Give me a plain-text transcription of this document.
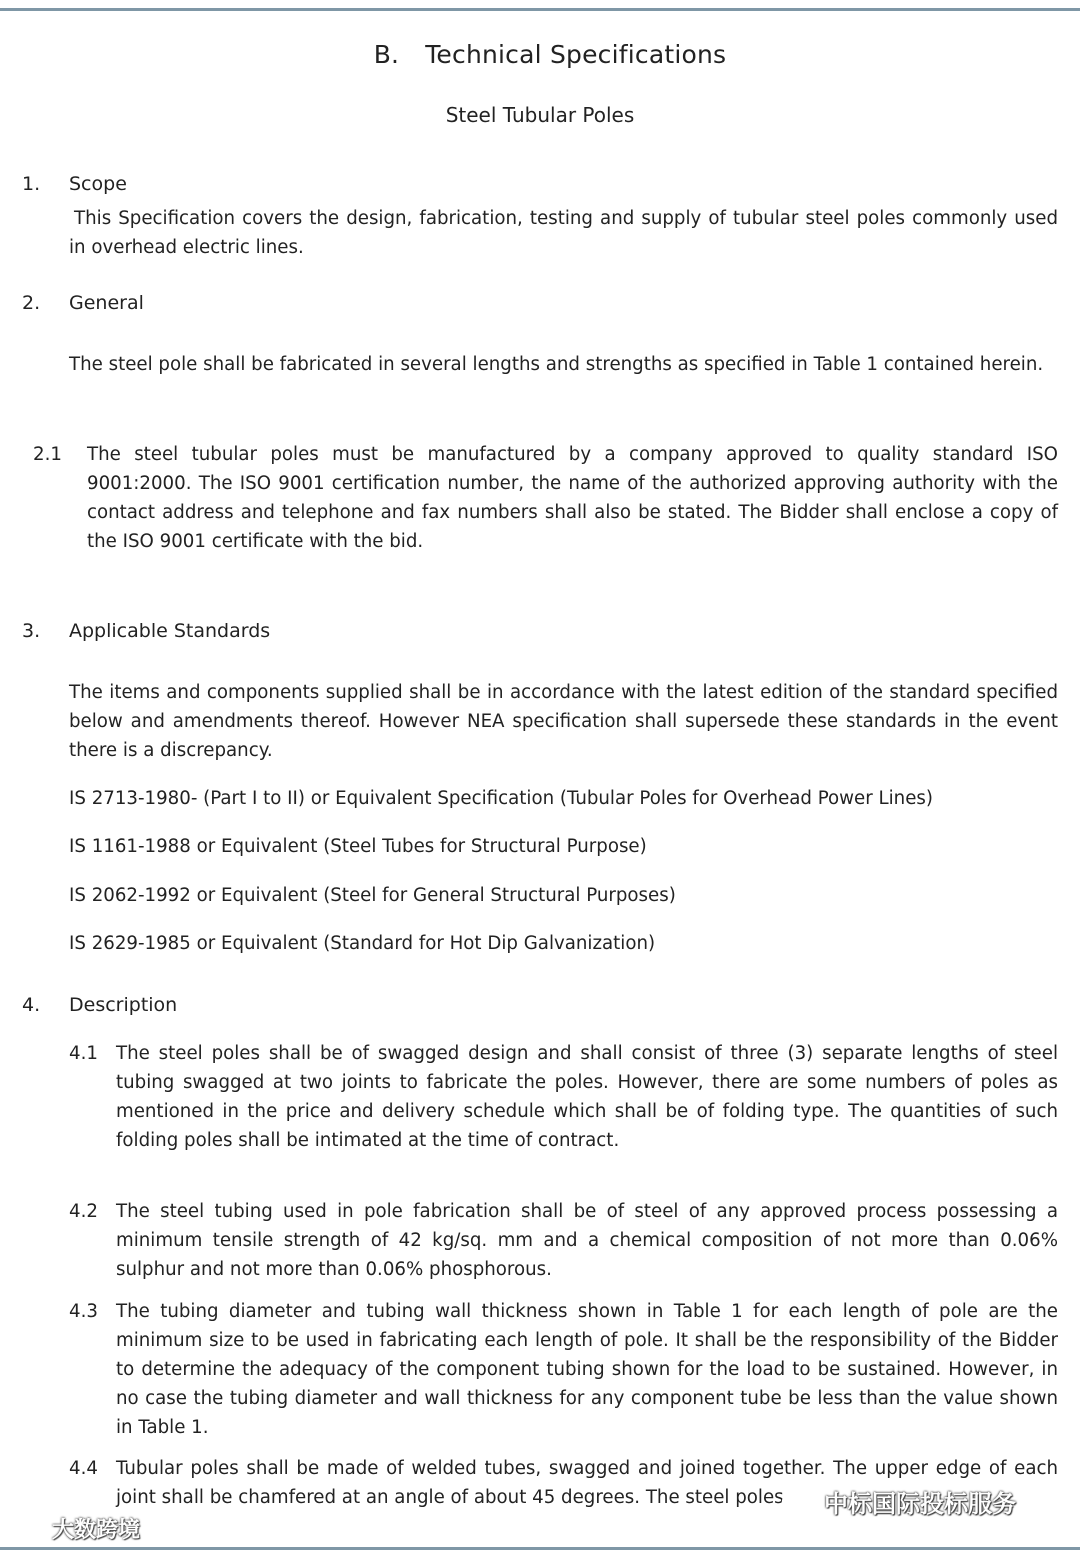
B. Technical Specifications
Steel Tubular Poles
1. Scope
This Specification covers the design, fabrication, testing and supply of tubular steel poles commonly used in overhead electric lines.
2. General
The steel pole shall be fabricated in several lengths and strengths as specified in Table 1 contained herein.
2.1 The steel tubular poles must be manufactured by a company approved to quality standard ISO 9001:2000. The ISO 9001 certification number, the name of the authorized approving authority with the contact address and telephone and fax numbers shall also be stated. The Bidder shall enclose a copy of the ISO 9001 certificate with the bid.
3. Applicable Standards
The items and components supplied shall be in accordance with the latest edition of the standard specified below and amendments thereof. However NEA specification shall supersede these standards in the event there is a discrepancy.
IS 2713-1980- (Part I to II) or Equivalent Specification (Tubular Poles for Overhead Power Lines)
IS 1161-1988 or Equivalent (Steel Tubes for Structural Purpose)
IS 2062-1992 or Equivalent (Steel for General Structural Purposes)
IS 2629-1985 or Equivalent (Standard for Hot Dip Galvanization)
4. Description
4.1 The steel poles shall be of swagged design and shall consist of three (3) separate lengths of steel tubing swagged at two joints to fabricate the poles. However, there are some numbers of poles as mentioned in the price and delivery schedule which shall be of folding type. The quantities of such folding poles shall be intimated at the time of contract.
4.2 The steel tubing used in pole fabrication shall be of steel of any approved process possessing a minimum tensile strength of 42 kg/sq. mm and a chemical composition of not more than 0.06% sulphur and not more than 0.06% phosphorous.
4.3 The tubing diameter and tubing wall thickness shown in Table 1 for each length of pole are the minimum size to be used in fabricating each length of pole. It shall be the responsibility of the Bidder to determine the adequacy of the component tubing shown for the load to be sustained. However, in no case the tubing diameter and wall thickness for any component tube be less than the value shown in Table 1.
4.4 Tubular poles shall be made of welded tubes, swagged and joined together. The upper edge of each joint shall be chamfered at an angle of about 45 degrees. The steel poles
大数跨境
中标国际投标服务
